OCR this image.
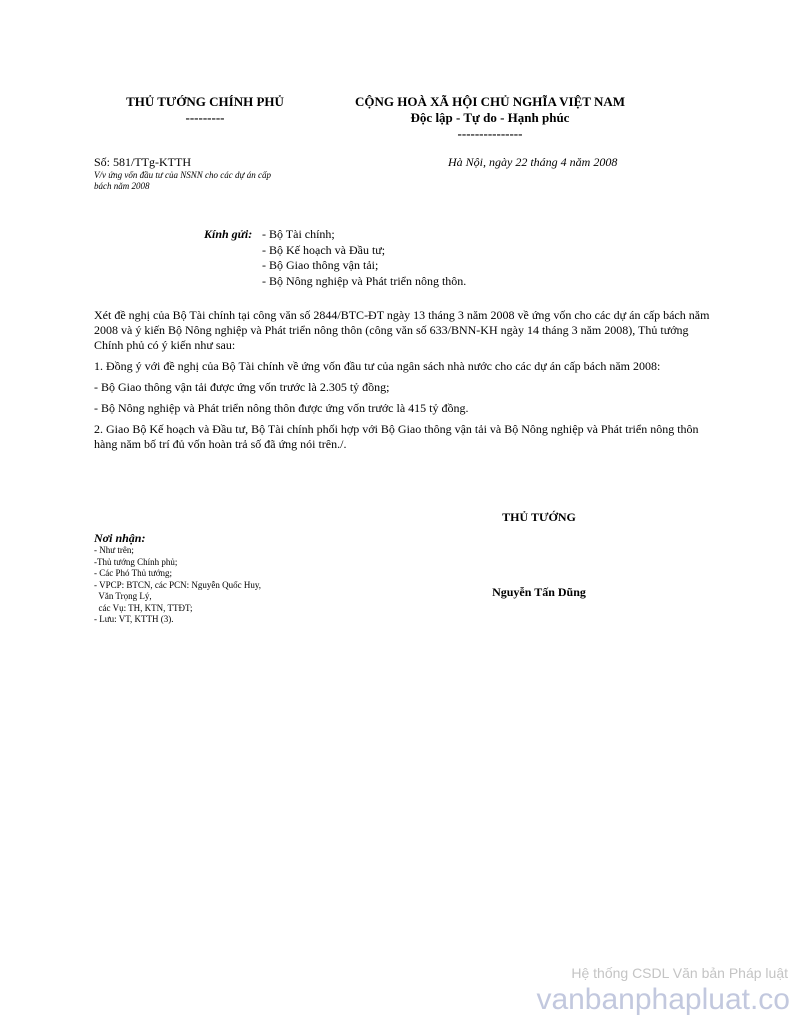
THỦ TƯỚNG CHÍNH PHỦ
---------
CỘNG HOÀ XÃ HỘI CHỦ NGHĨA VIỆT NAM
Độc lập - Tự do - Hạnh phúc
---------------
Số: 581/TTg-KTTH
V/v ứng vốn đầu tư của NSNN cho các dự án cấp
bách năm 2008
Hà Nội, ngày 22 tháng 4 năm 2008
Kính gửi: - Bộ Tài chính;
- Bộ Kế hoạch và Đầu tư;
- Bộ Giao thông vận tải;
- Bộ Nông nghiệp và Phát triển nông thôn.

Xét đề nghị của Bộ Tài chính tại công văn số 2844/BTC-ĐT ngày 13 tháng 3 năm 2008 về ứng vốn cho các dự án cấp bách năm 2008 và ý kiến Bộ Nông nghiệp và Phát triển nông thôn (công văn số 633/BNN-KH ngày 14 tháng 3 năm 2008), Thủ tướng Chính phủ có ý kiến như sau:

1. Đồng ý với đề nghị của Bộ Tài chính về ứng vốn đầu tư của ngân sách nhà nước cho các dự án cấp bách năm 2008:

- Bộ Giao thông vận tải được ứng vốn trước là 2.305 tỷ đồng;

- Bộ Nông nghiệp và Phát triển nông thôn được ứng vốn trước là 415 tỷ đồng.

2. Giao Bộ Kế hoạch và Đầu tư, Bộ Tài chính phối hợp với Bộ Giao thông vận tải và Bộ Nông nghiệp và Phát triển nông thôn hàng năm bố trí đủ vốn hoàn trả số đã ứng nói trên./.

THỦ TƯỚNG
Nguyễn Tấn Dũng
Nơi nhận:
- Như trên;
-Thủ tướng Chính phủ;
- Các Phó Thủ tướng;
- VPCP: BTCN, các PCN: Nguyễn Quốc Huy,
Văn Trọng Lý,
các Vụ: TH, KTN, TTĐT;
- Lưu: VT, KTTH (3).
Hệ thống CSDL Văn bản Pháp luật
vanbanphapluat.co
